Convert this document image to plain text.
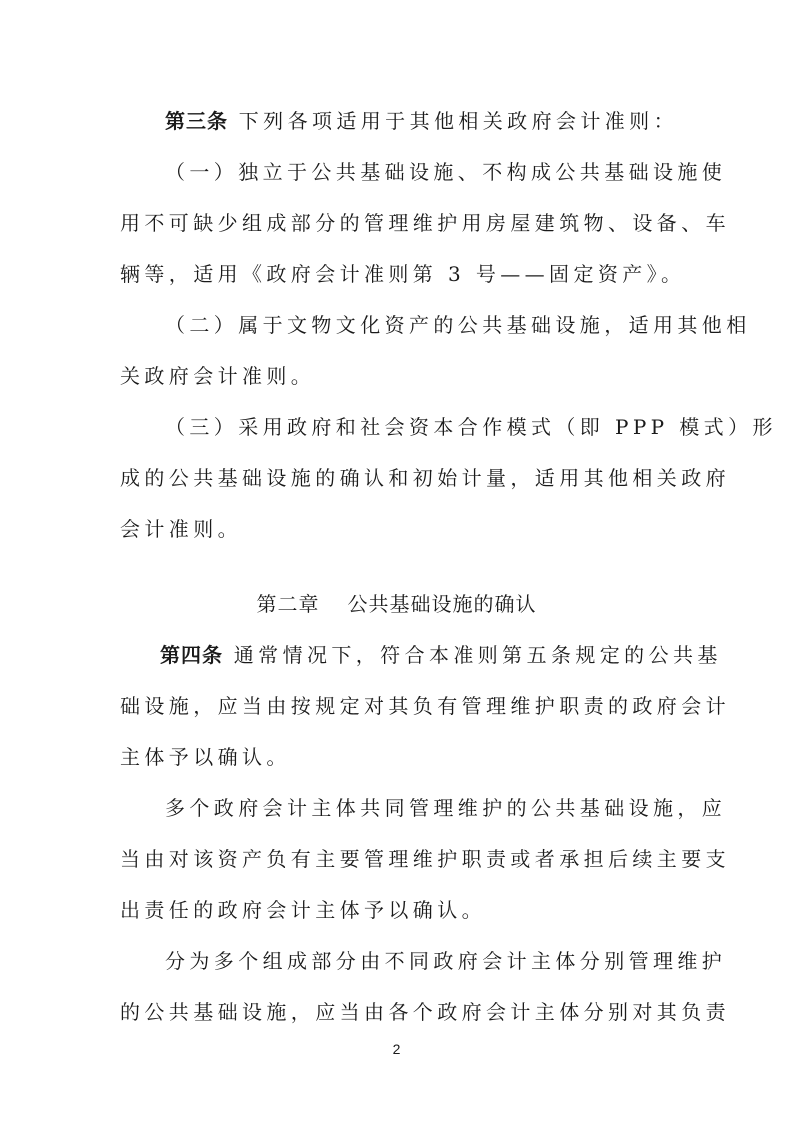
第三条 下列各项适用于其他相关政府会计准则：
（一）独立于公共基础设施、不构成公共基础设施使
用不可缺少组成部分的管理维护用房屋建筑物、设备、车
辆等，适用《政府会计准则第 3 号——固定资产》。
（二）属于文物文化资产的公共基础设施，适用其他相
关政府会计准则。
（三）采用政府和社会资本合作模式（即 PPP 模式）形
成的公共基础设施的确认和初始计量，适用其他相关政府
会计准则。
第二章 公共基础设施的确认
第四条 通常情况下，符合本准则第五条规定的公共基
础设施，应当由按规定对其负有管理维护职责的政府会计
主体予以确认。
多个政府会计主体共同管理维护的公共基础设施，应
当由对该资产负有主要管理维护职责或者承担后续主要支
出责任的政府会计主体予以确认。
分为多个组成部分由不同政府会计主体分别管理维护
的公共基础设施，应当由各个政府会计主体分别对其负责
2
